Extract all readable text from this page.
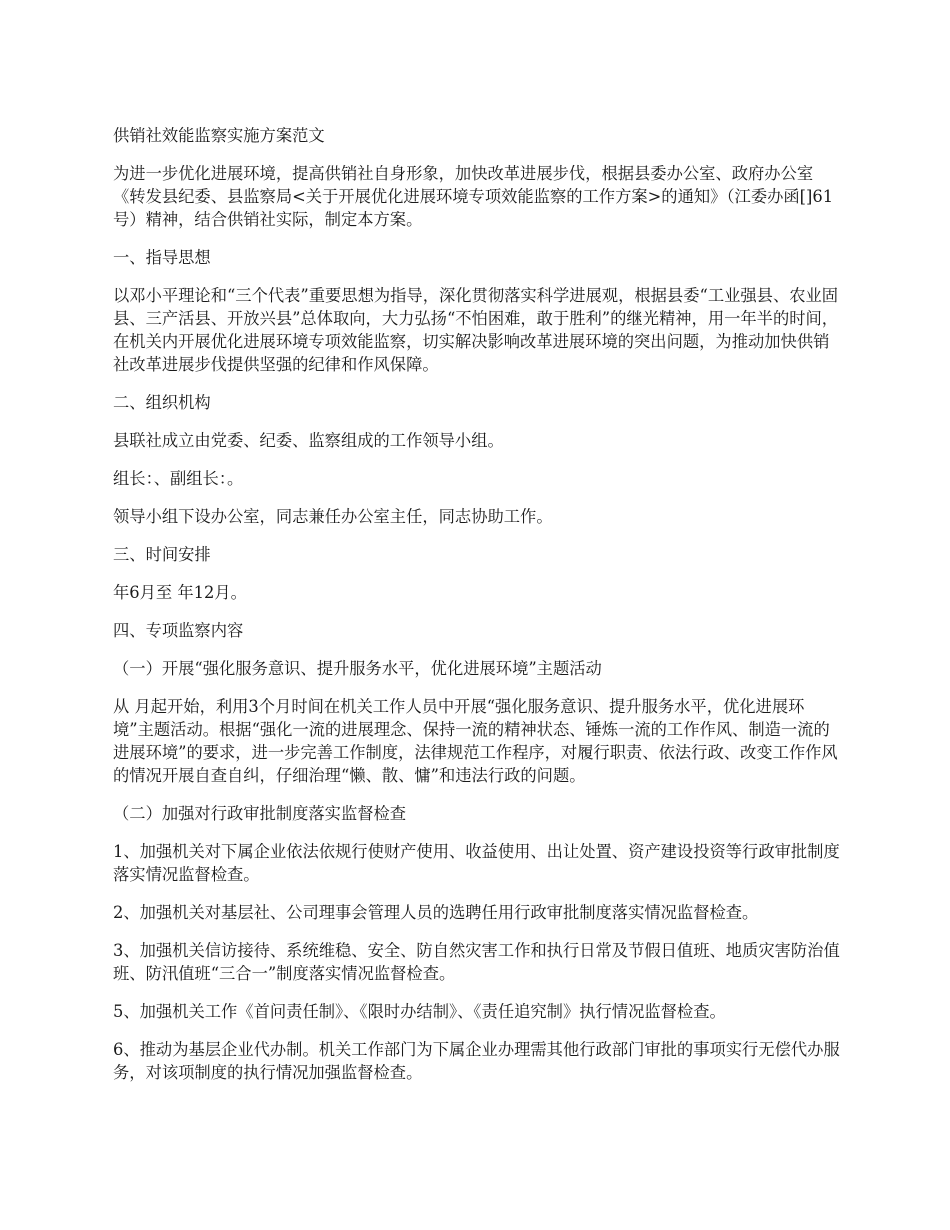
供销社效能监察实施方案范文

为进一步优化进展环境，提高供销社自身形象，加快改革进展步伐，根据县委办公室、政府办公室《转发县纪委、县监察局<关于开展优化进展环境专项效能监察的工作方案>的通知》（江委办函[]61号）精神，结合供销社实际，制定本方案。

一、指导思想

以邓小平理论和“三个代表”重要思想为指导，深化贯彻落实科学进展观，根据县委“工业强县、农业固县、三产活县、开放兴县”总体取向，大力弘扬“不怕困难，敢于胜利”的继光精神，用一年半的时间，在机关内开展优化进展环境专项效能监察，切实解决影响改革进展环境的突出问题，为推动加快供销社改革进展步伐提供坚强的纪律和作风保障。

二、组织机构

县联社成立由党委、纪委、监察组成的工作领导小组。

组长：、副组长：。

领导小组下设办公室，同志兼任办公室主任，同志协助工作。

三、时间安排

年6月至 年12月。

四、专项监察内容

（一）开展“强化服务意识、提升服务水平，优化进展环境”主题活动

从 月起开始，利用3个月时间在机关工作人员中开展“强化服务意识、提升服务水平，优化进展环境”主题活动。根据“强化一流的进展理念、保持一流的精神状态、锤炼一流的工作作风、制造一流的进展环境”的要求，进一步完善工作制度，法律规范工作程序，对履行职责、依法行政、改变工作作风的情况开展自查自纠，仔细治理“懒、散、慵”和违法行政的问题。

（二）加强对行政审批制度落实监督检查

1、加强机关对下属企业依法依规行使财产使用、收益使用、出让处置、资产建设投资等行政审批制度落实情况监督检查。

2、加强机关对基层社、公司理事会管理人员的选聘任用行政审批制度落实情况监督检查。

3、加强机关信访接待、系统维稳、安全、防自然灾害工作和执行日常及节假日值班、地质灾害防治值班、防汛值班“三合一”制度落实情况监督检查。

5、加强机关工作《首问责任制》、《限时办结制》、《责任追究制》执行情况监督检查。

6、推动为基层企业代办制。机关工作部门为下属企业办理需其他行政部门审批的事项实行无偿代办服务，对该项制度的执行情况加强监督检查。
